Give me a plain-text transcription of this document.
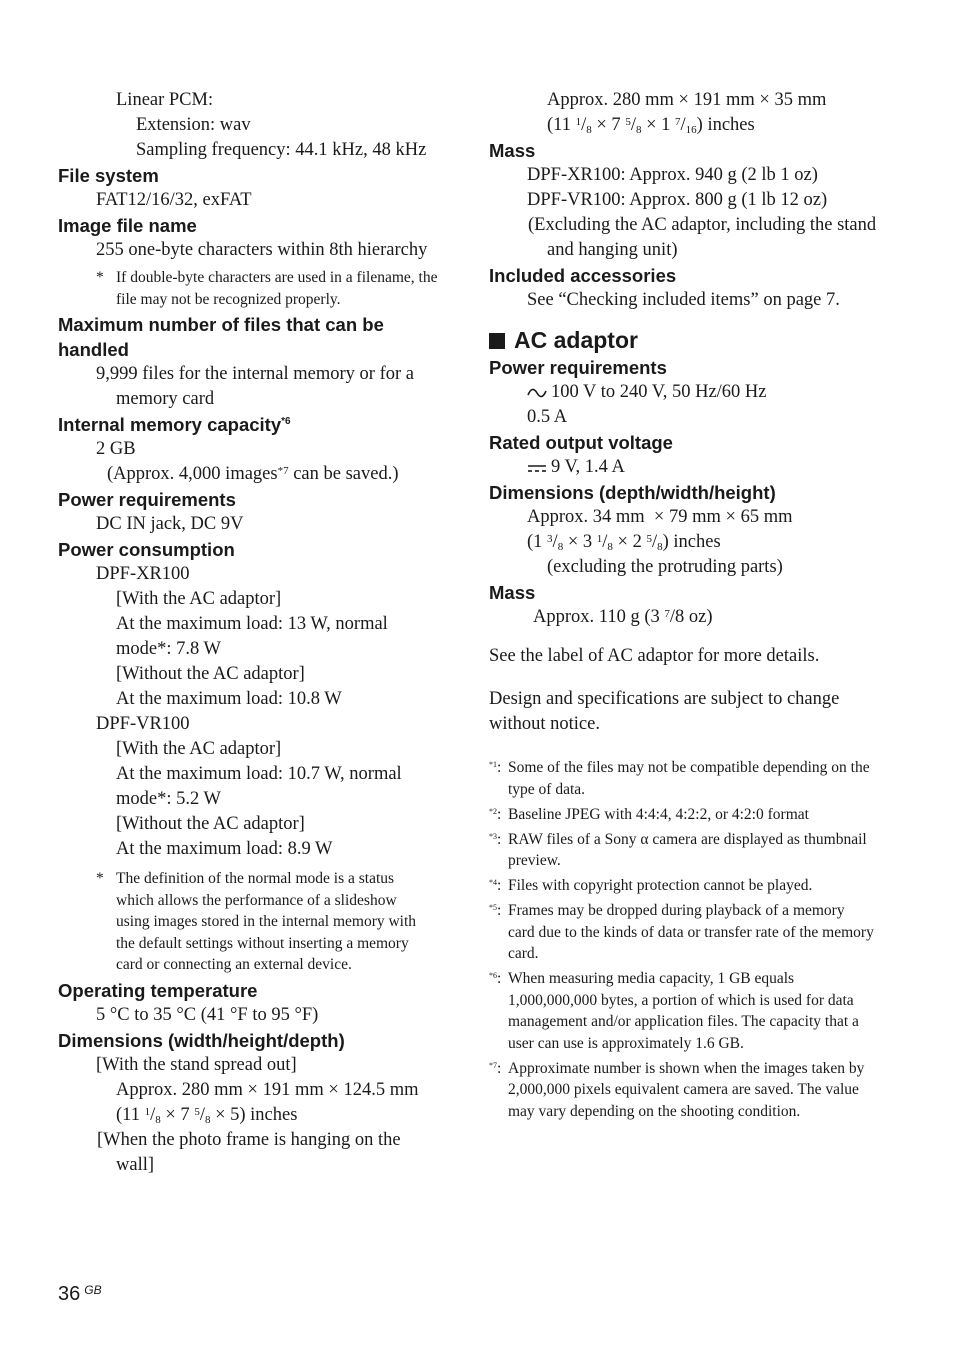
Linear PCM:

Extension: wav

Sampling frequency: 44.1 kHz, 48 kHz

File system

FAT12/16/32, exFAT

Image file name

255 one-byte characters within 8th hierarchy

* If double-byte characters are used in a filename, the file may not be recognized properly.

Maximum number of files that can be handled

9,999 files for the internal memory or for a memory card

Internal memory capacity$^{*6}$

2 GB

(Approx. 4,000 images$^{*7}$ can be saved.)

Power requirements

DC IN jack, DC 9V

Power consumption

DPF-XR100

[With the AC adaptor]

At the maximum load: 13 W, normal mode*: 7.8 W

[Without the AC adaptor]

At the maximum load: 10.8 W

DPF-VR100

[With the AC adaptor]

At the maximum load: 10.7 W, normal mode*: 5.2 W

[Without the AC adaptor]

At the maximum load: 8.9 W

* The definition of the normal mode is a status which allows the performance of a slideshow using images stored in the internal memory with the default settings without inserting a memory card or connecting an external device.

Operating temperature

5 °C to 35 °C (41 °F to 95 °F)

Dimensions (width/height/depth)

[With the stand spread out]

Approx. 280 mm × 191 mm × 124.5 mm

(11 $^1/_8 \times 7$ $^5/_8 \times 5$) inches

[When the photo frame is hanging on the wall]

Approx. 280 mm × 191 mm × 35 mm

(11 $^1/_8 \times 7$ $^5/_8 \times 1$ $^7/_{16}$) inches

Mass

DPF-XR100: Approx. 940 g (2 lb 1 oz)

DPF-VR100: Approx. 800 g (1 lb 12 oz)

(Excluding the AC adaptor, including the stand and hanging unit)

Included accessories

See “Checking included items” on page 7.

AC adaptor

Power requirements

100 V to 240 V, 50 Hz/60 Hz

0.5 A

Rated output voltage

9 V, 1.4 A

Dimensions (depth/width/height)

Approx. 34 mm  × 79 mm × 65 mm

(1 $^3/_8 \times 3$ $^1/_8 \times 2$ $^5/_8$) inches

(excluding the protruding parts)

Mass

Approx. 110 g (3 $^7$/8 oz)

See the label of AC adaptor for more details.

Design and specifications are subject to change without notice.

$^{*1}$: Some of the files may not be compatible depending on the type of data.

$^{*2}$: Baseline JPEG with 4:4:4, 4:2:2, or 4:2:0 format

$^{*3}$: RAW files of a Sony α camera are displayed as thumbnail preview.

$^{*4}$: Files with copyright protection cannot be played.

$^{*5}$: Frames may be dropped during playback of a memory card due to the kinds of data or transfer rate of the memory card.

$^{*6}$: When measuring media capacity, 1 GB equals 1,000,000,000 bytes, a portion of which is used for data management and/or application files. The capacity that a user can use is approximately 1.6 GB.

$^{*7}$: Approximate number is shown when the images taken by 2,000,000 pixels equivalent camera are saved. The value may vary depending on the shooting condition.

36 $^{GB}$
